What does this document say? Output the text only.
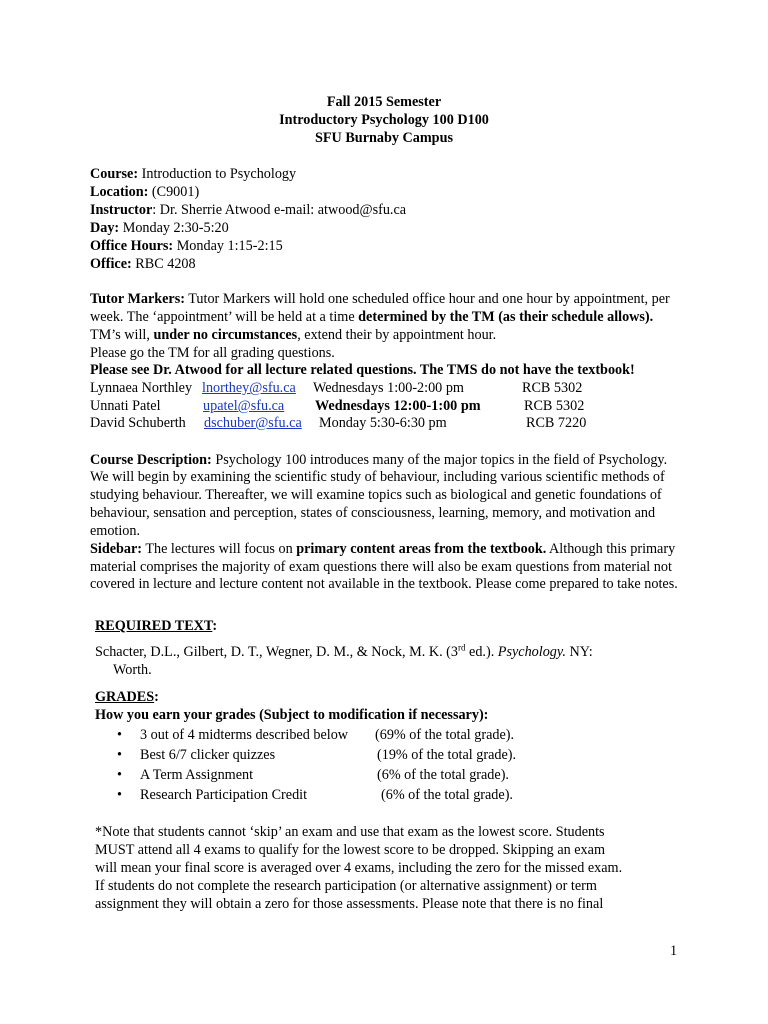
Fall 2015 Semester
Introductory Psychology 100 D100
SFU Burnaby Campus
Course: Introduction to Psychology
Location: (C9001)
Instructor: Dr. Sherrie Atwood e-mail: atwood@sfu.ca
Day: Monday 2:30-5:20
Office Hours: Monday 1:15-2:15
Office: RBC 4208
Tutor Markers: Tutor Markers will hold one scheduled office hour and one hour by appointment, per
week. The ‘appointment’ will be held at a time determined by the TM (as their schedule allows).
TM’s will, under no circumstances, extend their by appointment hour.
Please go the TM for all grading questions.
Please see Dr. Atwood for all lecture related questions. The TMS do not have the textbook!
Lynnaea Northley lnorthey@sfu.ca Wednesdays 1:00-2:00 pm	RCB 5302
Unnati Patel	upatel@sfu.ca Wednesdays 12:00-1:00 pm	RCB 5302
David Schuberth dschuber@sfu.ca Monday 5:30-6:30 pm	RCB 7220
Course Description: Psychology 100 introduces many of the major topics in the field of Psychology.
We will begin by examining the scientific study of behaviour, including various scientific methods of
studying behaviour. Thereafter, we will examine topics such as biological and genetic foundations of
behaviour, sensation and perception, states of consciousness, learning, memory, and motivation and
emotion.
Sidebar: The lectures will focus on primary content areas from the textbook. Although this primary
material comprises the majority of exam questions there will also be exam questions from material not
covered in lecture and lecture content not available in the textbook. Please come prepared to take notes.
REQUIRED TEXT:
Schacter, D.L., Gilbert, D. T., Wegner, D. M., & Nock, M. K. (3rd ed.). Psychology. NY:
Worth.
GRADES:
How you earn your grades (Subject to modification if necessary):
• 3 out of 4 midterms described below (69% of the total grade).
• Best 6/7 clicker quizzes	(19% of the total grade).
• A Term Assignment	(6% of the total grade).
• Research Participation Credit	(6% of the total grade).
*Note that students cannot ‘skip’ an exam and use that exam as the lowest score. Students
MUST attend all 4 exams to qualify for the lowest score to be dropped. Skipping an exam
will mean your final score is averaged over 4 exams, including the zero for the missed exam.
If students do not complete the research participation (or alternative assignment) or term
assignment they will obtain a zero for those assessments. Please note that there is no final
1
